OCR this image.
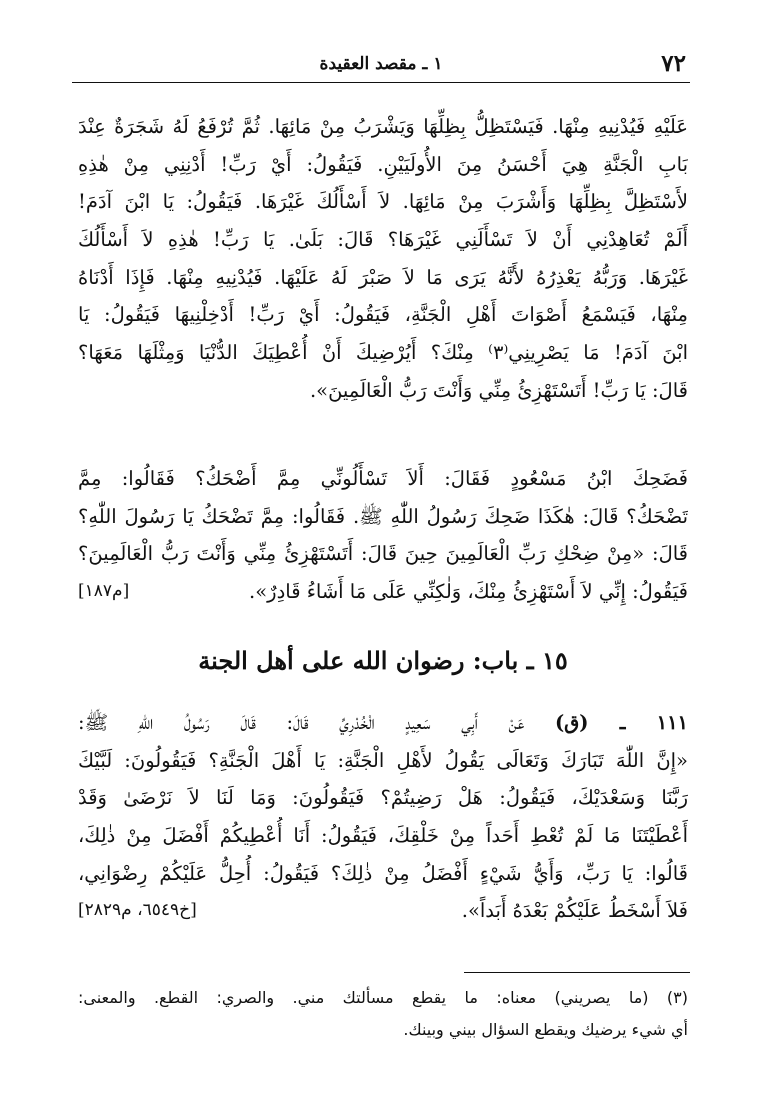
٧٢
١ ـ مقصد العقيدة
عَلَيْهِ فَيُدْنِيهِ مِنْهَا. فَيَسْتَظِلُّ بِظِلِّهَا وَيَشْرَبُ مِنْ مَائِهَا. ثُمَّ تُرْفَعُ لَهُ شَجَرَةٌ عِنْدَ
بَابِ الْجَنَّةِ هِيَ أَحْسَنُ مِنَ الأُولَيَيْنِ. فَيَقُولُ: أَيْ رَبِّ! أَدْنِنِي مِنْ هٰذِهِ
لأَسْتَظِلَّ بِظِلِّهَا وَأَشْرَبَ مِنْ مَائِهَا. لاَ أَسْأَلُكَ غَيْرَهَا. فَيَقُولُ: يَا ابْنَ آدَمَ!
أَلَمْ تُعَاهِدْنِي أَنْ لاَ تَسْأَلَنِي غَيْرَهَا؟ قَالَ: بَلَىٰ. يَا رَبِّ! هٰذِهِ لاَ أَسْأَلُكَ
غَيْرَهَا. وَرَبُّهُ يَعْذِرُهُ لأَنَّهُ يَرَى مَا لاَ صَبْرَ لَهُ عَلَيْهَا. فَيُدْنِيهِ مِنْهَا. فَإِذَا أَدْنَاهُ
مِنْهَا، فَيَسْمَعُ أَصْوَاتَ أَهْلِ الْجَنَّةِ، فَيَقُولُ: أَيْ رَبِّ! أَدْخِلْنِيهَا فَيَقُولُ: يَا
ابْنَ آدَمَ! مَا يَصْرِينِي⁽٣⁾ مِنْكَ؟ أَيُرْضِيكَ أَنْ أُعْطِيَكَ الدُّنْيَا وَمِثْلَهَا مَعَهَا؟
قَالَ: يَا رَبِّ! أَتَسْتَهْزِئُ مِنِّي وَأَنْتَ رَبُّ الْعَالَمِينَ».
فَضَحِكَ ابْنُ مَسْعُودٍ فَقَالَ: أَلاَ تَسْأَلُونِّي مِمَّ أَضْحَكُ؟ فَقَالُوا: مِمَّ
تَضْحَكُ؟ قَالَ: هٰكَذَا ضَحِكَ رَسُولُ اللّٰهِ ﷺ. فَقَالُوا: مِمَّ تَضْحَكُ يَا رَسُولَ اللّٰهِ؟
قَالَ: «مِنْ ضِحْكِ رَبِّ الْعَالَمِينَ حِينَ قَالَ: أَتَسْتَهْزِئُ مِنِّي وَأَنْتَ رَبُّ الْعَالَمِينَ؟
فَيَقُولُ: إِنِّي لاَ أَسْتَهْزِئُ مِنْكَ، وَلٰكِنِّي عَلَى مَا أَشَاءُ قَادِرٌ».
[م١٨٧]
١٥ ـ باب: رضوان الله على أهل الجنة
١١١ ـ (ق) عَنْ أَبِي سَعِيدٍ الْخُدْرِيِّ قَالَ: قَالَ رَسُولُ اللّٰهِ ﷺ:
«إِنَّ اللّٰهَ تَبَارَكَ وَتَعَالَى يَقُولُ لأَهْلِ الْجَنَّةِ: يَا أَهْلَ الْجَنَّةِ؟ فَيَقُولُونَ: لَبَّيْكَ
رَبَّنَا وَسَعْدَيْكَ، فَيَقُولُ: هَلْ رَضِيتُمْ؟ فَيَقُولُونَ: وَمَا لَنَا لاَ نَرْضَىٰ وَقَدْ
أَعْطَيْتَنَا مَا لَمْ تُعْطِ أَحَداً مِنْ خَلْقِكَ، فَيَقُولُ: أَنَا أُعْطِيكُمْ أَفْضَلَ مِنْ ذٰلِكَ،
قَالُوا: يَا رَبِّ، وَأَيُّ شَيْءٍ أَفْضَلُ مِنْ ذٰلِكَ؟ فَيَقُولُ: أُحِلُّ عَلَيْكُمْ رِضْوَانِي،
فَلاَ أَسْخَطُ عَلَيْكُمْ بَعْدَهُ أَبَداً».
[خ٦٥٤٩، م٢٨٢٩]
(٣) (ما يصريني) معناه: ما يقطع مسألتك مني. والصري: القطع. والمعنى:
أي شيء يرضيك ويقطع السؤال بيني وبينك.
